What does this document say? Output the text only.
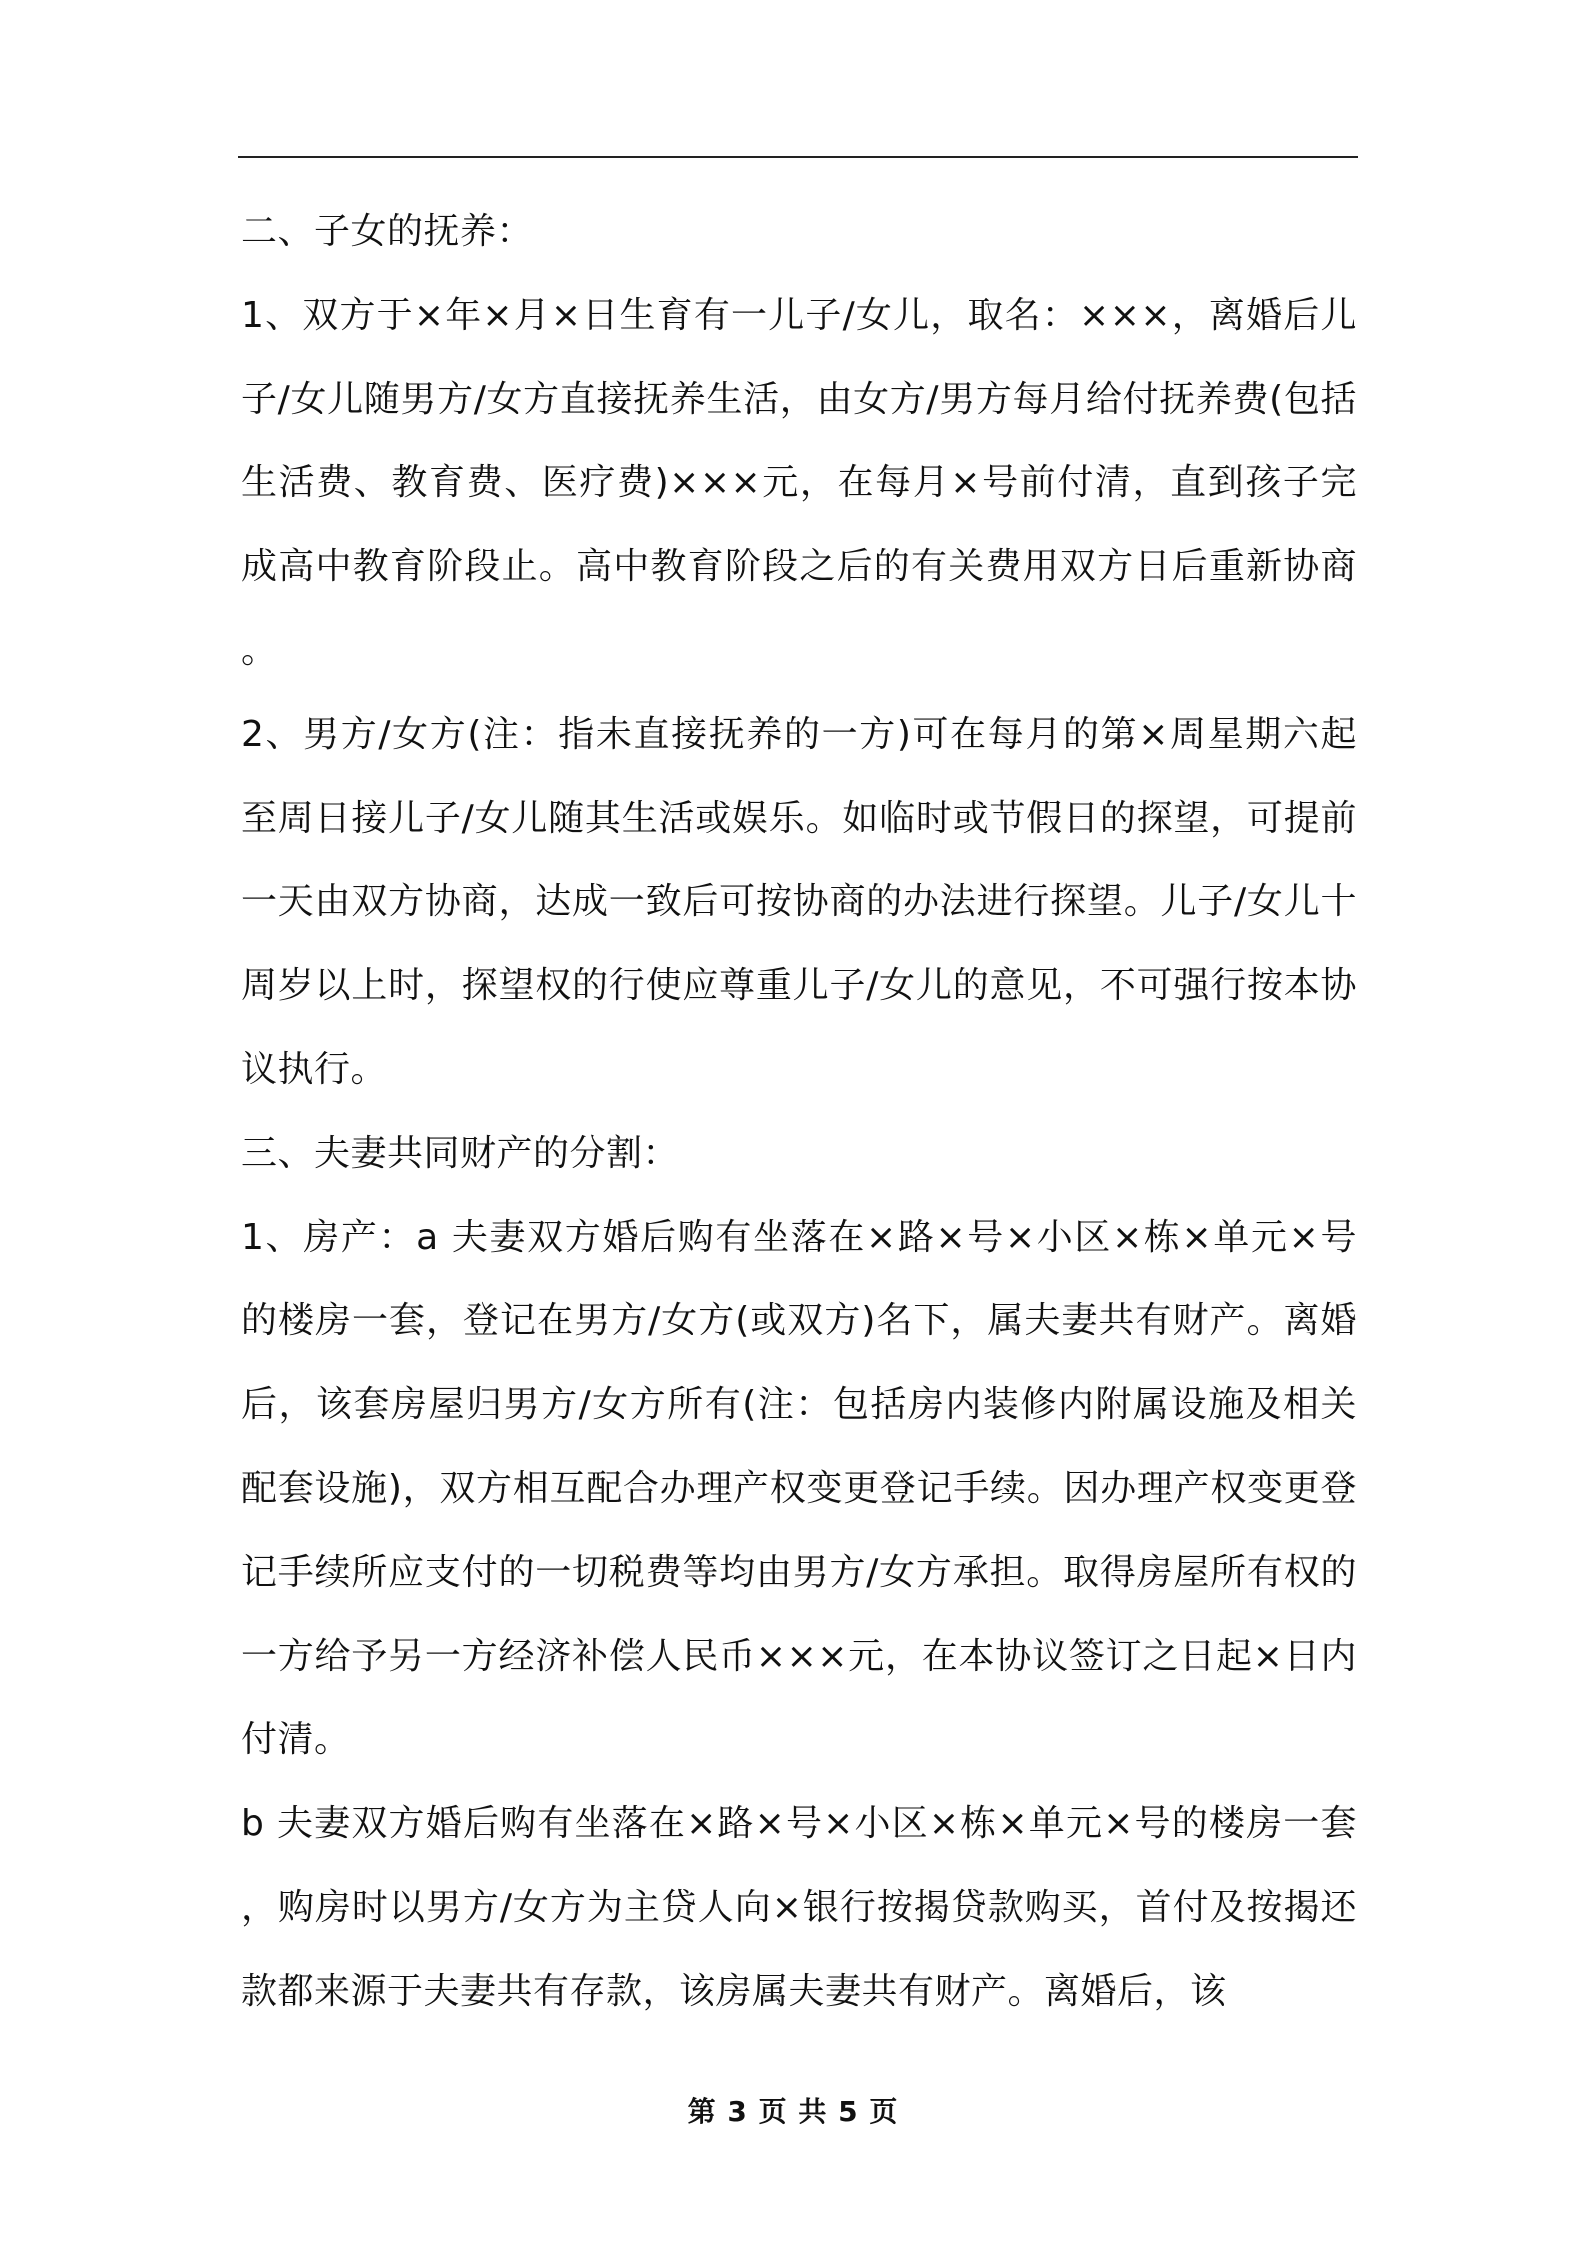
二、子女的抚养：

1、双方于×年×月×日生育有一儿子/女儿，取名：×××，离婚后儿子/女儿随男方/女方直接抚养生活，由女方/男方每月给付抚养费(包括生活费、教育费、医疗费)×××元，在每月×号前付清，直到孩子完成高中教育阶段止。高中教育阶段之后的有关费用双方日后重新协商。

2、男方/女方(注：指未直接抚养的一方)可在每月的第×周星期六起至周日接儿子/女儿随其生活或娱乐。如临时或节假日的探望，可提前一天由双方协商，达成一致后可按协商的办法进行探望。儿子/女儿十周岁以上时，探望权的行使应尊重儿子/女儿的意见，不可强行按本协议执行。

三、夫妻共同财产的分割：

1、房产：a 夫妻双方婚后购有坐落在×路×号×小区×栋×单元×号的楼房一套，登记在男方/女方(或双方)名下，属夫妻共有财产。离婚后，该套房屋归男方/女方所有(注：包括房内装修内附属设施及相关配套设施)，双方相互配合办理产权变更登记手续。因办理产权变更登记手续所应支付的一切税费等均由男方/女方承担。取得房屋所有权的一方给予另一方经济补偿人民币×××元，在本协议签订之日起×日内付清。

b 夫妻双方婚后购有坐落在×路×号×小区×栋×单元×号的楼房一套，购房时以男方/女方为主贷人向×银行按揭贷款购买，首付及按揭还款都来源于夫妻共有存款，该房属夫妻共有财产。离婚后，该

第 3 页 共 5 页
